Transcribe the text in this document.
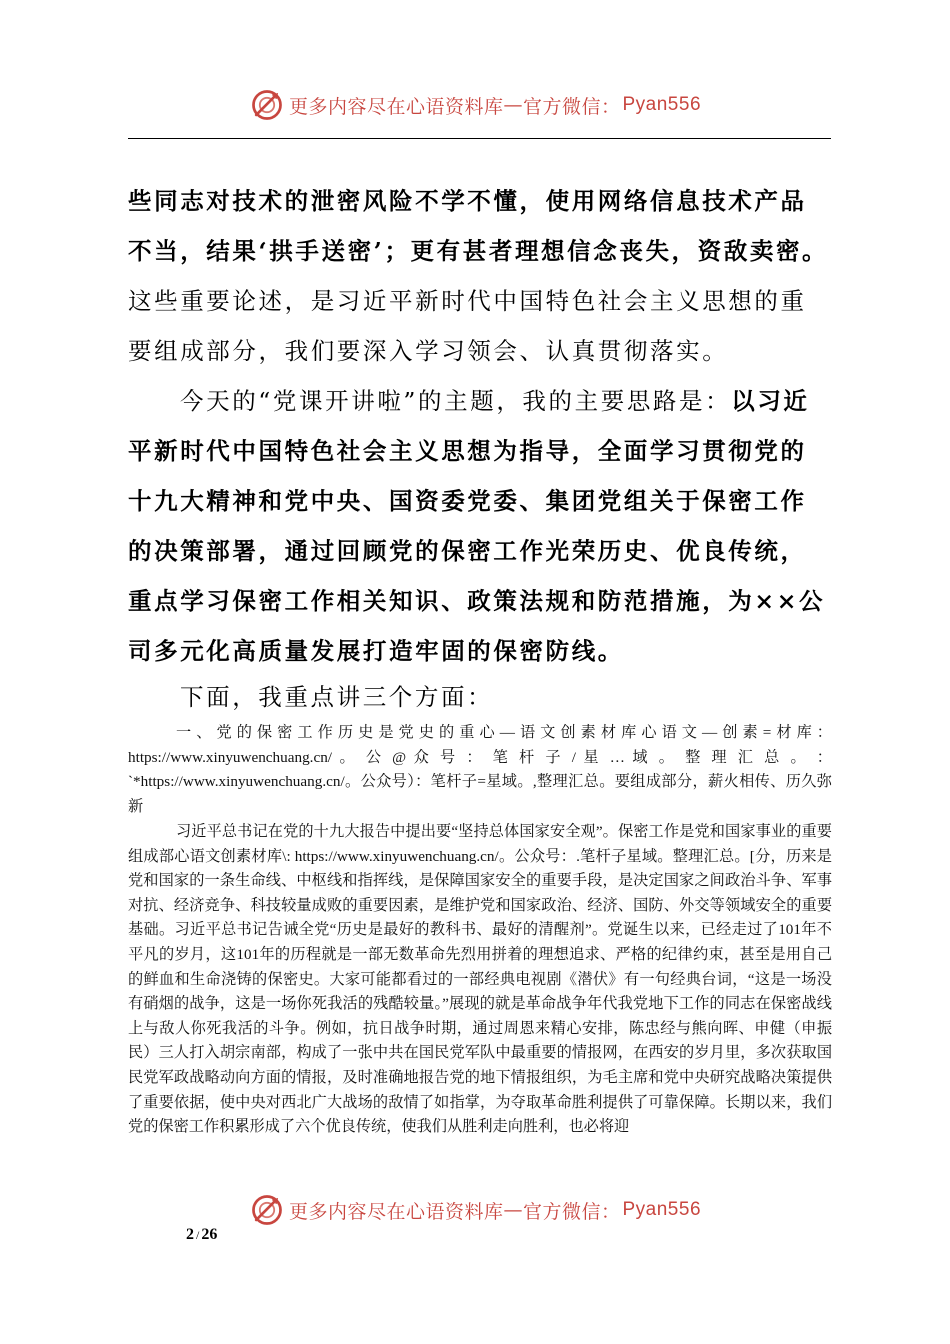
更多内容尽在心语资料库 — 官方微信： Pyan556

些同志对技术的泄密风险不学不懂，使用网络信息技术产品不当，结果‘拱手送密’；更有甚者理想信念丧失，资敌卖密。这些重要论述，是习近平新时代中国特色社会主义思想的重要组成部分，我们要深入学习领会、认真贯彻落实。

今天的“党课开讲啦”的主题，我的主要思路是：以习近平新时代中国特色社会主义思想为指导，全面学习贯彻党的十九大精神和党中央、国资委党委、集团党组关于保密工作的决策部署，通过回顾党的保密工作光荣历史、优良传统，重点学习保密工作相关知识、政策法规和防范措施，为××公司多元化高质量发展打造牢固的保密防线。

下面，我重点讲三个方面：

一、党的保密工作历史是党史的重心—语文创素材库心语文—创素=材库：https://www.xinyuwenchuang.cn/ 。 公 @ 众 号 ： 笔 杆 子 / 星 … 域 。 整 理 汇 总 。 ： `*https://www.xinyuwenchuang.cn/。公众号）：笔杆子=星域。,整理汇总。要组成部分，薪火相传、历久弥新

习近平总书记在党的十九大报告中提出要“坚持总体国家安全观”。保密工作是党和国家事业的重要组成部心语文创素材库\: https://www.xinyuwenchuang.cn/。公众号：.笔杆子星域。整理汇总。[分，历来是党和国家的一条生命线、中枢线和指挥线，是保障国家安全的重要手段，是决定国家之间政治斗争、军事对抗、经济竞争、科技较量成败的重要因素，是维护党和国家政治、经济、国防、外交等领域安全的重要基础。习近平总书记告诫全党“历史是最好的教科书、最好的清醒剂”。党诞生以来，已经走过了101年不平凡的岁月，这101年的历程就是一部无数革命先烈用拼着的理想追求、严格的纪律约束，甚至是用自己的鲜血和生命浇铸的保密史。大家可能都看过的一部经典电视剧《潜伏》有一句经典台词，“这是一场没有硝烟的战争，这是一场你死我活的残酷较量。”展现的就是革命战争年代我党地下工作的同志在保密战线上与敌人你死我活的斗争。例如，抗日战争时期，通过周恩来精心安排，陈忠经与熊向晖、申健（申振民）三人打入胡宗南部，构成了一张中共在国民党军队中最重要的情报网，在西安的岁月里，多次获取国民党军政战略动向方面的情报，及时准确地报告党的地下情报组织，为毛主席和党中央研究战略决策提供了重要依据，使中央对西北广大战场的敌情了如指掌，为夺取革命胜利提供了可靠保障。长期以来，我们党的保密工作积累形成了六个优良传统，使我们从胜利走向胜利，也必将迎

更多内容尽在心语资料库 — 官方微信： Pyan556
2 / 26
